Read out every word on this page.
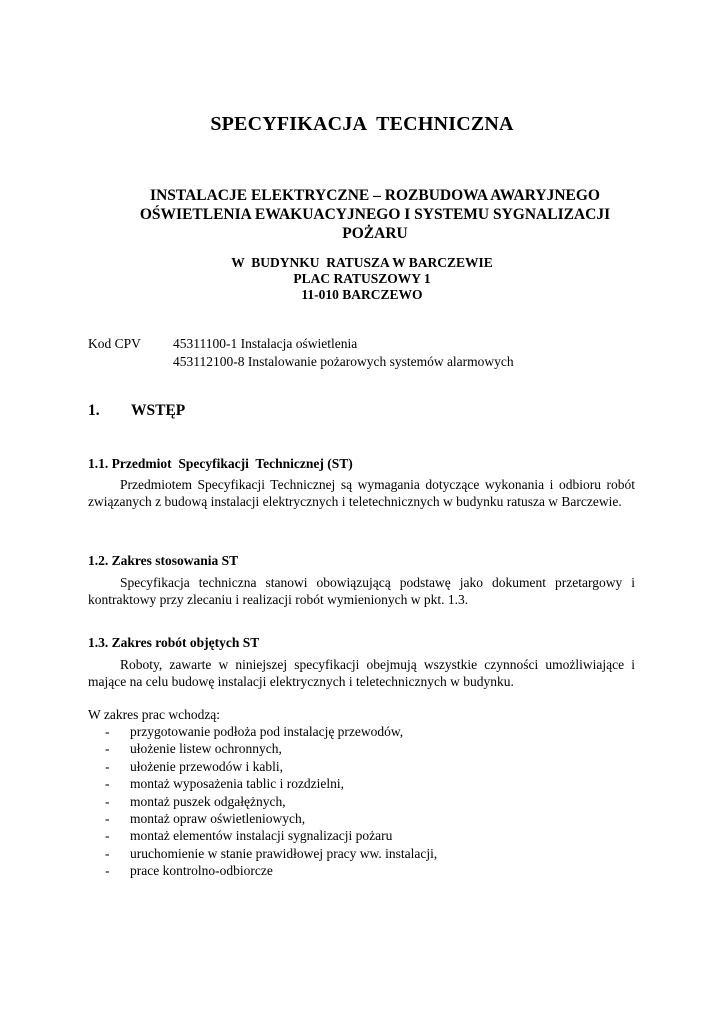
SPECYFIKACJA  TECHNICZNA
INSTALACJE ELEKTRYCZNE – ROZBUDOWA AWARYJNEGO
OŚWIETLENIA EWAKUACYJNEGO I SYSTEMU SYGNALIZACJI
POŻARU
W  BUDYNKU  RATUSZA W BARCZEWIE
PLAC RATUSZOWY 1
11-010 BARCZEWO
Kod CPV 45311100-1 Instalacja oświetlenia
453112100-8 Instalowanie pożarowych systemów alarmowych
1. WSTĘP
1.1. Przedmiot  Specyfikacji  Technicznej (ST)
Przedmiotem Specyfikacji Technicznej są wymagania dotyczące wykonania i odbioru robót związanych z budową instalacji elektrycznych i teletechnicznych w budynku ratusza w Barczewie.
1.2. Zakres stosowania ST
Specyfikacja techniczna stanowi obowiązującą podstawę jako dokument przetargowy i kontraktowy przy zlecaniu i realizacji robót wymienionych w pkt. 1.3.
1.3. Zakres robót objętych ST
Roboty, zawarte w niniejszej specyfikacji obejmują wszystkie czynności umożliwiające i mające na celu budowę instalacji elektrycznych i teletechnicznych w budynku.
W zakres prac wchodzą:
- przygotowanie podłoża pod instalację przewodów,
- ułożenie listew ochronnych,
- ułożenie przewodów i kabli,
- montaż wyposażenia tablic i rozdzielni,
- montaż puszek odgałężnych,
- montaż opraw oświetleniowych,
- montaż elementów instalacji sygnalizacji pożaru
- uruchomienie w stanie prawidłowej pracy ww. instalacji,
- prace kontrolno-odbiorcze
